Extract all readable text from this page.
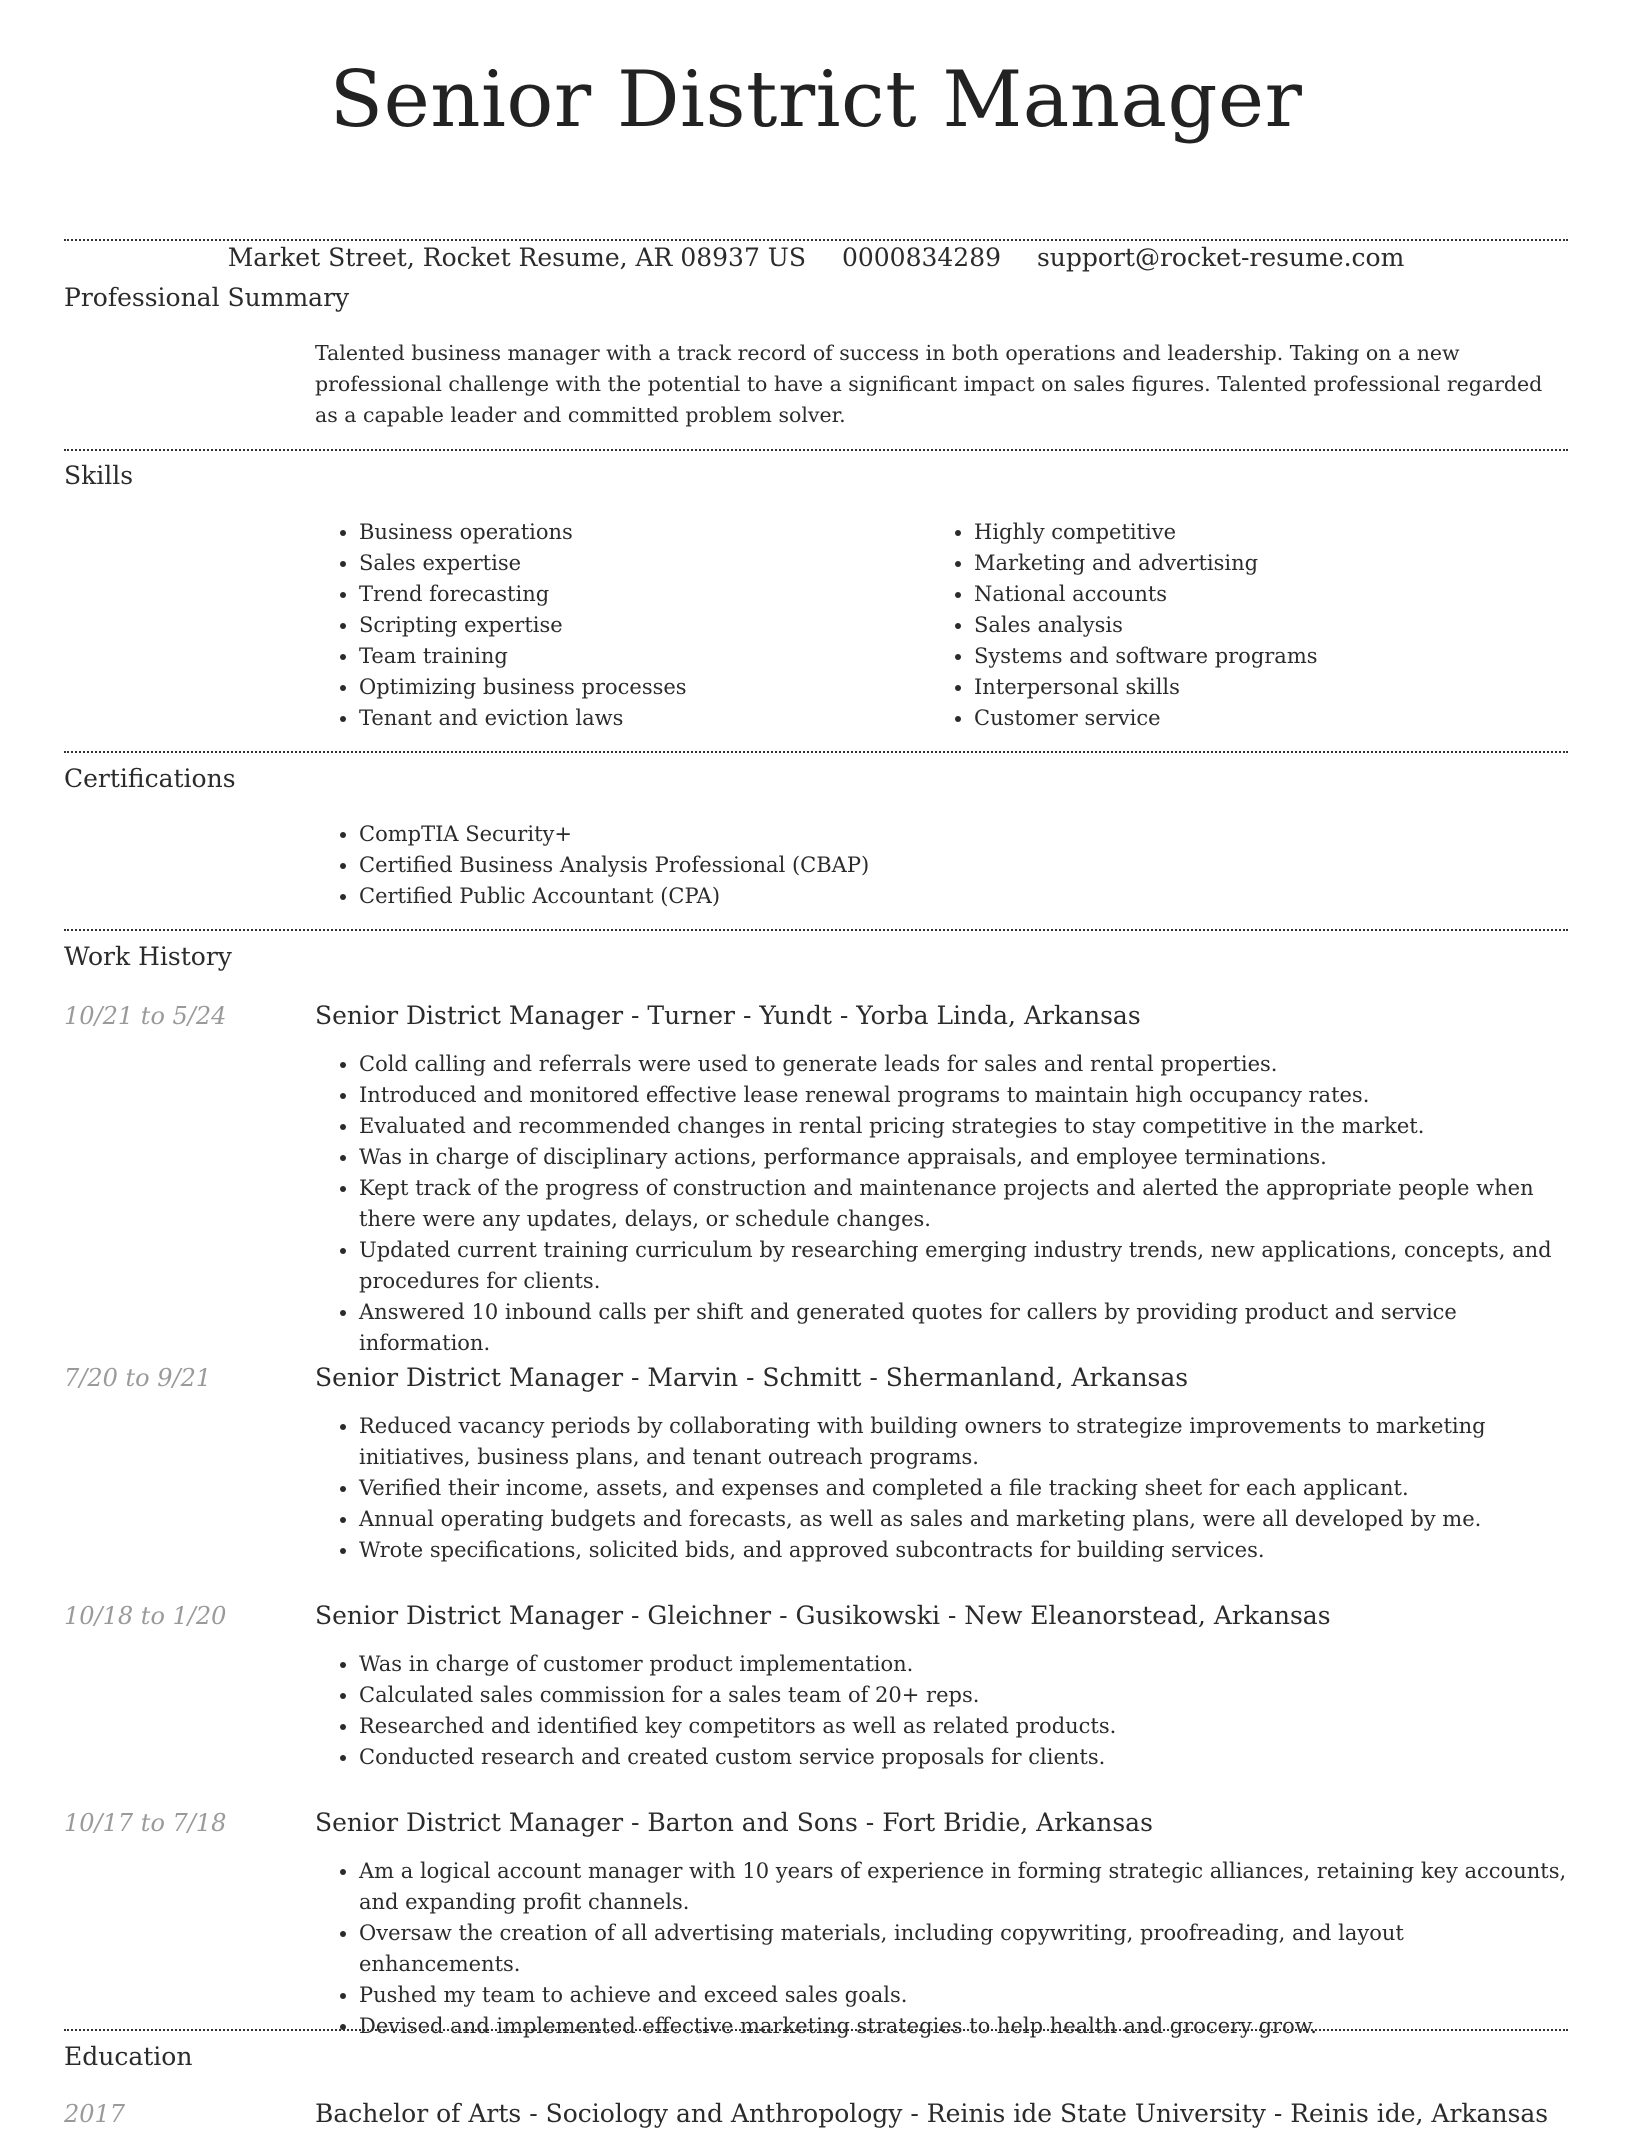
Senior District Manager
Market Street, Rocket Resume, AR 08937 US 0000834289 support@rocket-resume.com
Professional Summary
Talented business manager with a track record of success in both operations and leadership. Taking on a new professional challenge with the potential to have a significant impact on sales figures. Talented professional regarded as a capable leader and committed problem solver.
Skills
• Business operations
• Sales expertise
• Trend forecasting
• Scripting expertise
• Team training
• Optimizing business processes
• Tenant and eviction laws
• Highly competitive
• Marketing and advertising
• National accounts
• Sales analysis
• Systems and software programs
• Interpersonal skills
• Customer service
Certifications
• CompTIA Security+
• Certified Business Analysis Professional (CBAP)
• Certified Public Accountant (CPA)
Work History
10/21 to 5/24	Senior District Manager - Turner - Yundt - Yorba Linda, Arkansas
• Cold calling and referrals were used to generate leads for sales and rental properties.
• Introduced and monitored effective lease renewal programs to maintain high occupancy rates.
• Evaluated and recommended changes in rental pricing strategies to stay competitive in the market.
• Was in charge of disciplinary actions, performance appraisals, and employee terminations.
• Kept track of the progress of construction and maintenance projects and alerted the appropriate people when there were any updates, delays, or schedule changes.
• Updated current training curriculum by researching emerging industry trends, new applications, concepts, and procedures for clients.
• Answered 10 inbound calls per shift and generated quotes for callers by providing product and service information.
7/20 to 9/21	Senior District Manager - Marvin - Schmitt - Shermanland, Arkansas
• Reduced vacancy periods by collaborating with building owners to strategize improvements to marketing initiatives, business plans, and tenant outreach programs.
• Verified their income, assets, and expenses and completed a file tracking sheet for each applicant.
• Annual operating budgets and forecasts, as well as sales and marketing plans, were all developed by me.
• Wrote specifications, solicited bids, and approved subcontracts for building services.
10/18 to 1/20	Senior District Manager - Gleichner - Gusikowski - New Eleanorstead, Arkansas
• Was in charge of customer product implementation.
• Calculated sales commission for a sales team of 20+ reps.
• Researched and identified key competitors as well as related products.
• Conducted research and created custom service proposals for clients.
10/17 to 7/18	Senior District Manager - Barton and Sons - Fort Bridie, Arkansas
• Am a logical account manager with 10 years of experience in forming strategic alliances, retaining key accounts, and expanding profit channels.
• Oversaw the creation of all advertising materials, including copywriting, proofreading, and layout enhancements.
• Pushed my team to achieve and exceed sales goals.
• Devised and implemented effective marketing strategies to help health and grocery grow.
Education
2017	Bachelor of Arts - Sociology and Anthropology - Reinis ide State University - Reinis ide, Arkansas
